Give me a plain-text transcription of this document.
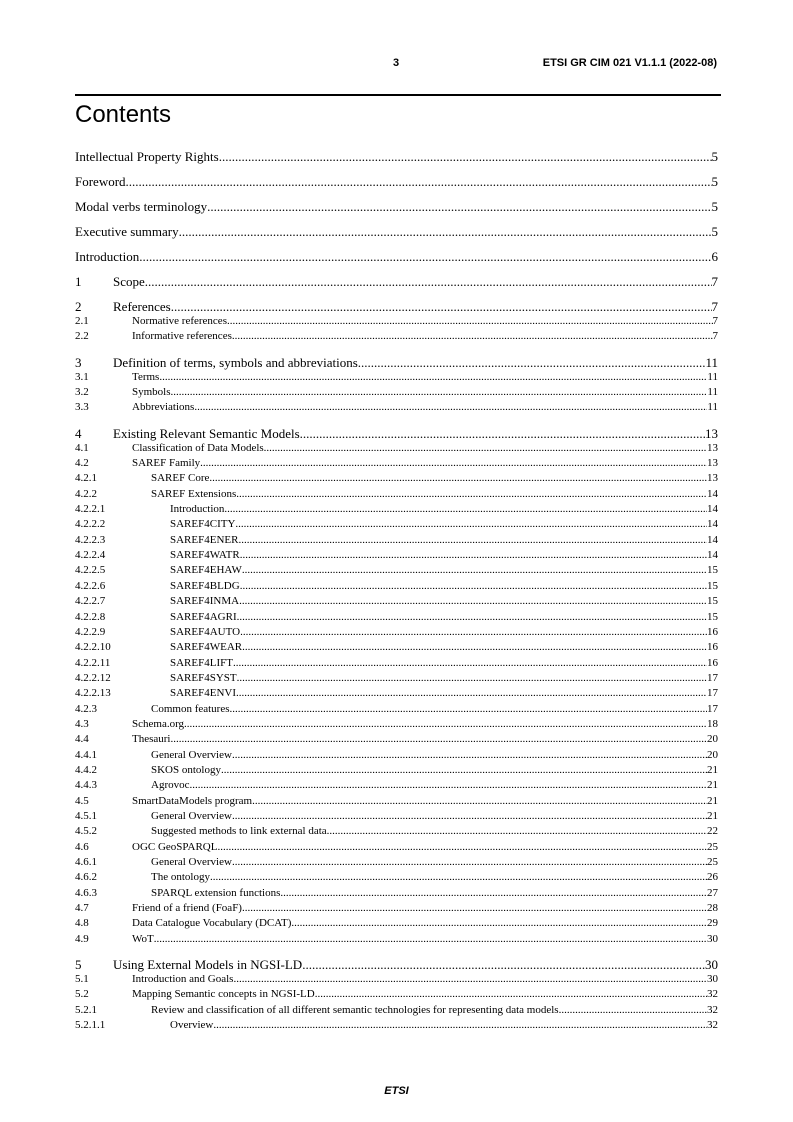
3	ETSI GR CIM 021 V1.1.1 (2022-08)
Contents
Intellectual Property Rights .....	5
Foreword .....	5
Modal verbs terminology .....	5
Executive summary .....	5
Introduction .....	6
1	Scope .....	7
2	References .....	7
2.1	Normative references .....	7
2.2	Informative references .....	7
3	Definition of terms, symbols and abbreviations .....	11
3.1	Terms .....	11
3.2	Symbols .....	11
3.3	Abbreviations .....	11
4	Existing Relevant Semantic Models .....	13
4.1	Classification of Data Models .....	13
4.2	SAREF Family .....	13
4.2.1	SAREF Core .....	13
4.2.2	SAREF Extensions .....	14
4.2.2.1	Introduction .....	14
4.2.2.2	SAREF4CITY .....	14
4.2.2.3	SAREF4ENER .....	14
4.2.2.4	SAREF4WATR .....	14
4.2.2.5	SAREF4EHAW .....	15
4.2.2.6	SAREF4BLDG .....	15
4.2.2.7	SAREF4INMA .....	15
4.2.2.8	SAREF4AGRI .....	15
4.2.2.9	SAREF4AUTO .....	16
4.2.2.10	SAREF4WEAR .....	16
4.2.2.11	SAREF4LIFT .....	16
4.2.2.12	SAREF4SYST .....	17
4.2.2.13	SAREF4ENVI .....	17
4.2.3	Common features .....	17
4.3	Schema.org .....	18
4.4	Thesauri .....	20
4.4.1	General Overview .....	20
4.4.2	SKOS ontology .....	21
4.4.3	Agrovoc .....	21
4.5	SmartDataModels program .....	21
4.5.1	General Overview .....	21
4.5.2	Suggested methods to link external data .....	22
4.6	OGC GeoSPARQL .....	25
4.6.1	General Overview .....	25
4.6.2	The ontology .....	26
4.6.3	SPARQL extension functions .....	27
4.7	Friend of a friend (FoaF) .....	28
4.8	Data Catalogue Vocabulary (DCAT) .....	29
4.9	WoT .....	30
5	Using External Models in NGSI-LD .....	30
5.1	Introduction and Goals .....	30
5.2	Mapping Semantic concepts in NGSI-LD .....	32
5.2.1	Review and classification of all different semantic technologies for representing data models .....	32
5.2.1.1	Overview .....	32
ETSI
